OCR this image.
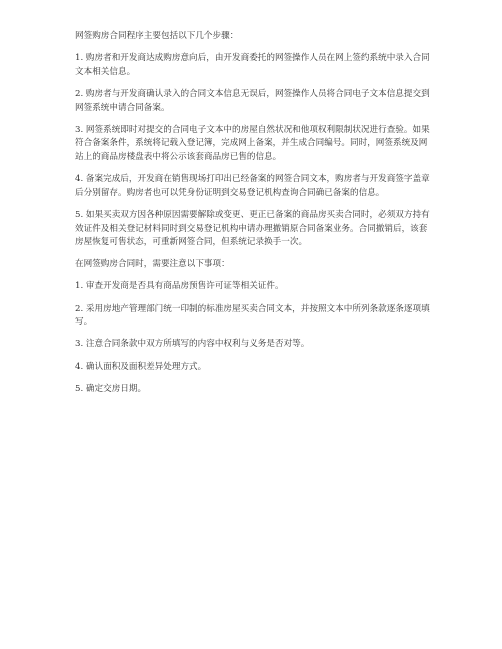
网签购房合同程序主要包括以下几个步骤：

1. 购房者和开发商达成购房意向后，由开发商委托的网签操作人员在网上签约系统中录入合同文本相关信息。

2. 购房者与开发商确认录入的合同文本信息无误后，网签操作人员将合同电子文本信息提交到网签系统申请合同备案。

3. 网签系统即时对提交的合同电子文本中的房屋自然状况和他项权利限制状况进行查验。如果符合备案条件，系统将记载入登记簿，完成网上备案，并生成合同编号。同时，网签系统及网站上的商品房楼盘表中将公示该套商品房已售的信息。

4. 备案完成后，开发商在销售现场打印出已经备案的网签合同文本，购房者与开发商签字盖章后分别留存。购房者也可以凭身份证明到交易登记机构查询合同确已备案的信息。

5. 如果买卖双方因各种原因需要解除或变更、更正已备案的商品房买卖合同时，必须双方持有效证件及相关登记材料同时到交易登记机构申请办理撤销原合同备案业务。合同撤销后，该套房屋恢复可售状态，可重新网签合同，但系统记录换手一次。

在网签购房合同时，需要注意以下事项：

1. 审查开发商是否具有商品房预售许可证等相关证件。

2. 采用房地产管理部门统一印制的标准房屋买卖合同文本，并按照文本中所列条款逐条逐项填写。

3. 注意合同条款中双方所填写的内容中权利与义务是否对等。

4. 确认面积及面积差异处理方式。

5. 确定交房日期。
